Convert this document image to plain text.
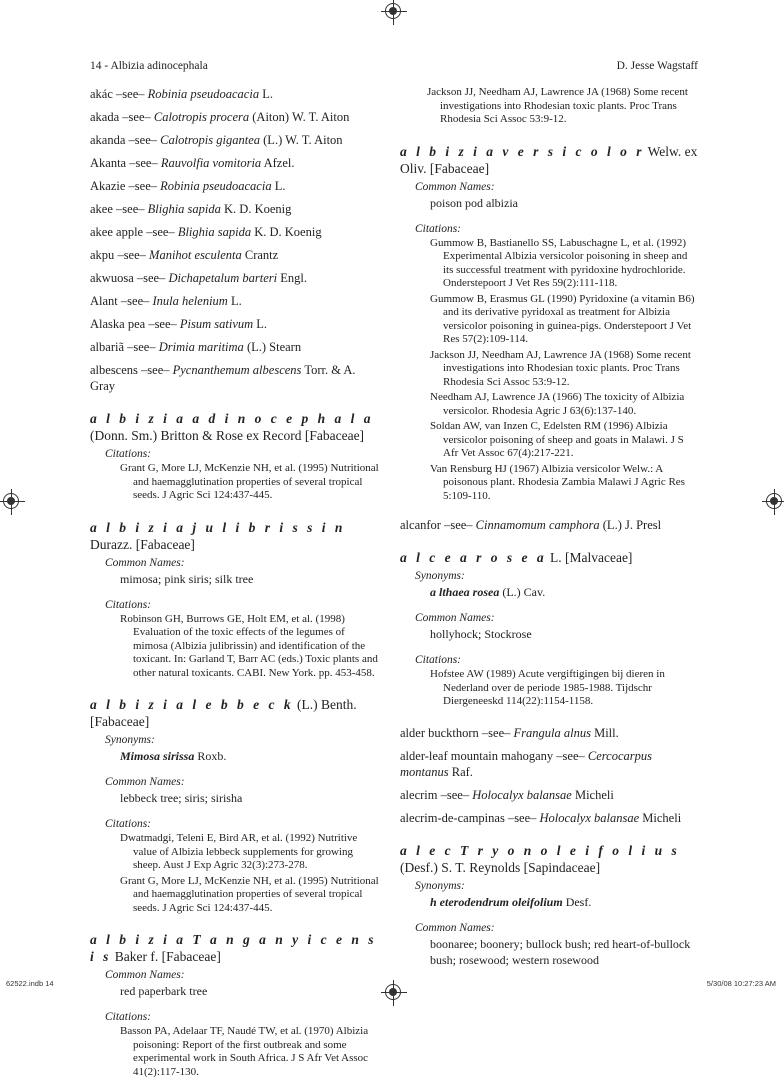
14 - Albizia adinocephala	D. Jesse Wagstaff
akác –see– Robinia pseudoacacia L.
akada –see– Calotropis procera (Aiton) W. T. Aiton
akanda –see– Calotropis gigantea (L.) W. T. Aiton
Akanta –see– Rauvolfia vomitoria Afzel.
Akazie –see– Robinia pseudoacacia L.
akee –see– Blighia sapida K. D. Koenig
akee apple –see– Blighia sapida K. D. Koenig
akpu –see– Manihot esculenta Crantz
akwuosa –see– Dichapetalum barteri Engl.
Alant –see– Inula helenium L.
Alaska pea –see– Pisum sativum L.
albariã –see– Drimia maritima (L.) Stearn
albescens –see– Pycnanthemum albescens Torr. & A. Gray
a l b i z i a a d i n o c e p h a l a (Donn. Sm.) Britton & Rose ex Record [Fabaceae]
Citations:
Grant G, More LJ, McKenzie NH, et al. (1995) Nutritional and haemagglutination properties of several tropical seeds. J Agric Sci 124:437-445.
a l b i z i a j u l i b r i s s i n Durazz. [Fabaceae]
Common Names:
mimosa; pink siris; silk tree
Citations:
Robinson GH, Burrows GE, Holt EM, et al. (1998) Evaluation of the toxic effects of the legumes of mimosa (Albizia julibrissin) and identification of the toxicant. In: Garland T, Barr AC (eds.) Toxic plants and other natural toxicants. CABI. New York. pp. 453-458.
a l b i z i a l e b b e c k (L.) Benth. [Fabaceae]
Synonyms:
Mimosa sirissa Roxb.
Common Names:
lebbeck tree; siris; sirisha
Citations:
Dwatmadgi, Teleni E, Bird AR, et al. (1992) Nutritive value of Albizia lebbeck supplements for growing sheep. Aust J Exp Agric 32(3):273-278.
Grant G, More LJ, McKenzie NH, et al. (1995) Nutritional and haemagglutination properties of several tropical seeds. J Agric Sci 124:437-445.
a l b i z i a T a n g a n y i c e n s i s Baker f. [Fabaceae]
Common Names:
red paperbark tree
Citations:
Basson PA, Adelaar TF, Naudé TW, et al. (1970) Albizia poisoning: Report of the first outbreak and some experimental work in South Africa. J S Afr Vet Assoc 41(2):117-130.
Jackson JJ, Needham AJ, Lawrence JA (1968) Some recent investigations into Rhodesian toxic plants. Proc Trans Rhodesia Sci Assoc 53:9-12.
a l b i z i a v e r s i c o l o r Welw. ex Oliv. [Fabaceae]
Common Names:
poison pod albizia
Citations:
Gummow B, Bastianello SS, Labuschagne L, et al. (1992) Experimental Albizia versicolor poisoning in sheep and its successful treatment with pyridoxine hydrochloride. Onderstepoort J Vet Res 59(2):111-118.
Gummow B, Erasmus GL (1990) Pyridoxine (a vitamin B6) and its derivative pyridoxal as treatment for Albizia versicolor poisoning in guinea-pigs. Onderstepoort J Vet Res 57(2):109-114.
Jackson JJ, Needham AJ, Lawrence JA (1968) Some recent investigations into Rhodesian toxic plants. Proc Trans Rhodesia Sci Assoc 53:9-12.
Needham AJ, Lawrence JA (1966) The toxicity of Albizia versicolor. Rhodesia Agric J 63(6):137-140.
Soldan AW, van Inzen C, Edelsten RM (1996) Albizia versicolor poisoning of sheep and goats in Malawi. J S Afr Vet Assoc 67(4):217-221.
Van Rensburg HJ (1967) Albizia versicolor Welw.: A poisonous plant. Rhodesia Zambia Malawi J Agric Res 5:109-110.
alcanfor –see– Cinnamomum camphora (L.) J. Presl
a l c e a r o s e a L. [Malvaceae]
Synonyms:
a lthaea rosea (L.) Cav.
Common Names:
hollyhock; Stockrose
Citations:
Hofstee AW (1989) Acute vergiftigingen bij dieren in Nederland over de periode 1985-1988. Tijdschr Diergeneeskd 114(22):1154-1158.
alder buckthorn –see– Frangula alnus Mill.
alder-leaf mountain mahogany –see– Cercocarpus montanus Raf.
alecrim –see– Holocalyx balansae Micheli
alecrim-de-campinas –see– Holocalyx balansae Micheli
a l e c T r y o n o l e i f o l i u s (Desf.) S. T. Reynolds [Sapindaceae]
Synonyms:
h eterodendrum oleifolium Desf.
Common Names:
boonaree; boonery; bullock bush; red heart-of-bullock bush; rosewood; western rosewood
62522.indb 14	5/30/08 10:27:23 AM
